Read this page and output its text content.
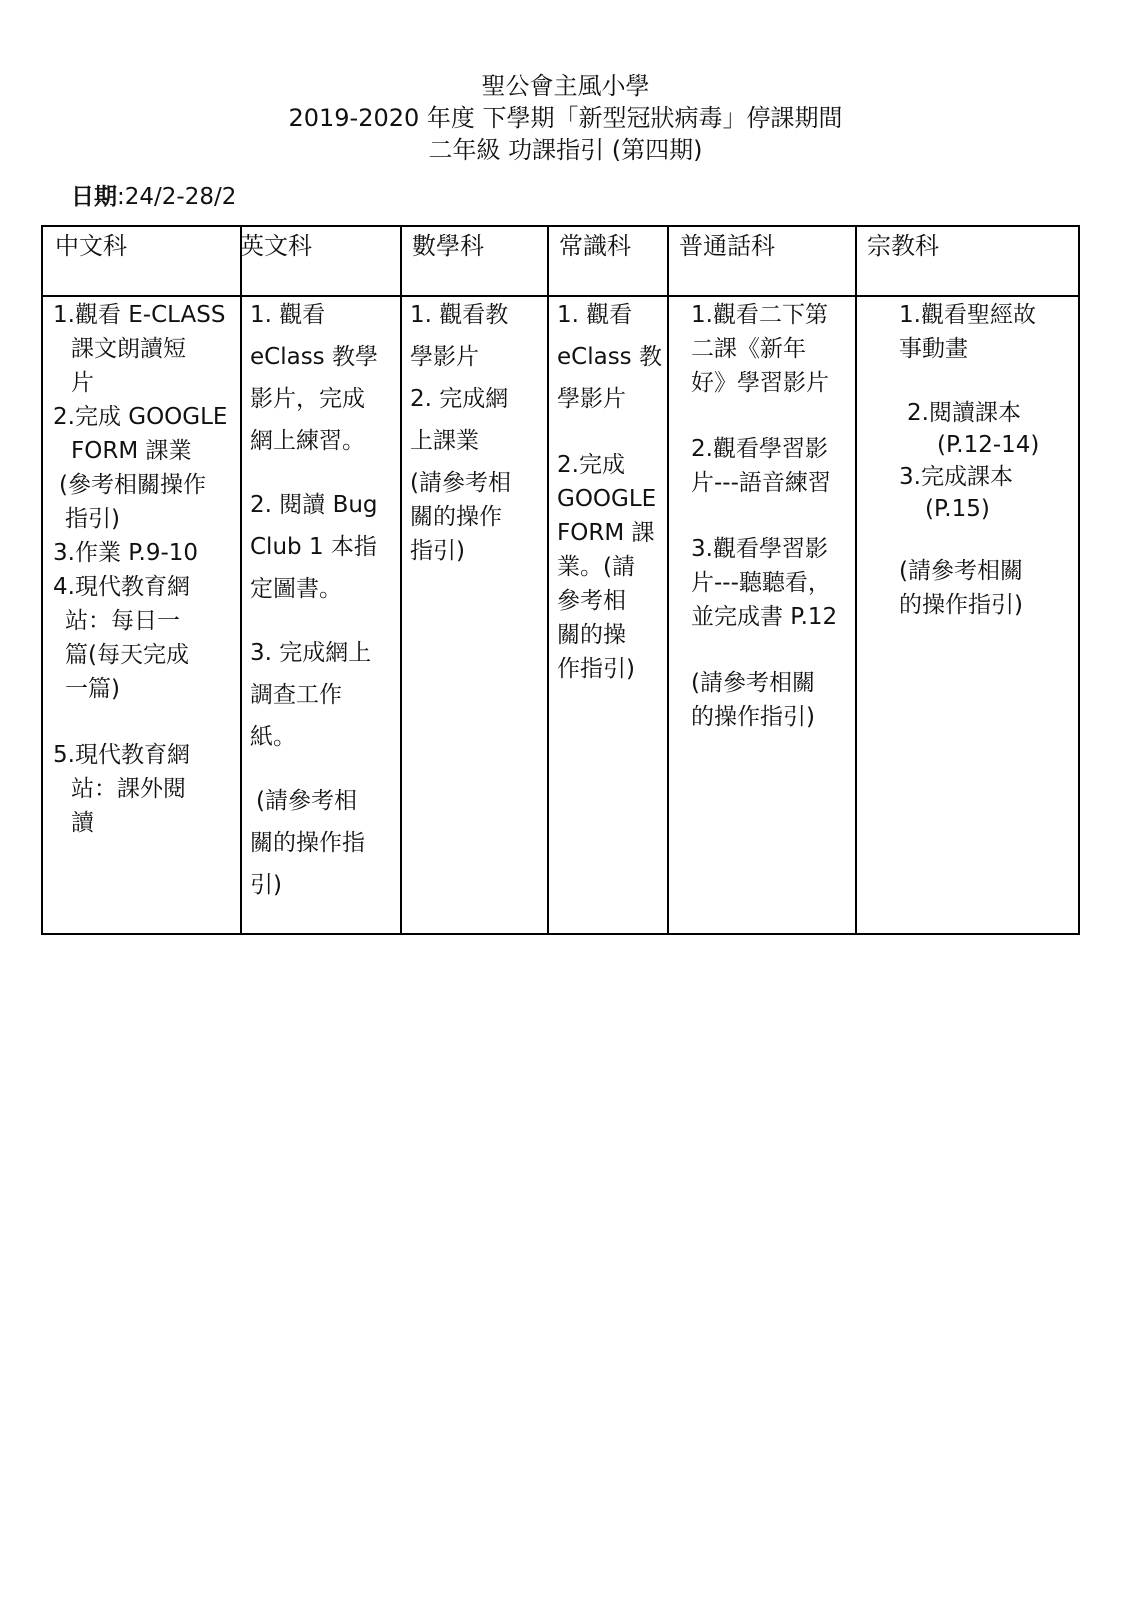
聖公會主風小學
2019-2020 年度 下學期「新型冠狀病毒」停課期間
二年級 功課指引 (第四期)
日期:24/2-28/2
中文科
1.觀看 E-CLASS
課文朗讀短
片
2.完成 GOOGLE
FORM 課業
(參考相關操作
指引)
3.作業 P.9-10
4.現代教育網
站：每日一
篇(每天完成
一篇)
5.現代教育網
站：課外閱
讀
英文科
1. 觀看
eClass 教學
影片，完成
網上練習。
2. 閱讀 Bug
Club 1 本指
定圖書。
3. 完成網上
調查工作
紙。
(請參考相
關的操作指
引)
數學科
1. 觀看教
學影片
2. 完成網
上課業
(請參考相
關的操作
指引)
常識科
1. 觀看
eClass 教
學影片
2.完成
GOOGLE
FORM 課
業。(請
參考相
關的操
作指引)
普通話科
1.觀看二下第
二課《新年
好》學習影片
2.觀看學習影
片---語音練習
3.觀看學習影
片---聽聽看，
並完成書 P.12
(請參考相關
的操作指引)
宗教科
1.觀看聖經故
事動畫
2.閱讀課本
(P.12-14)
3.完成課本
(P.15)
(請參考相關
的操作指引)
